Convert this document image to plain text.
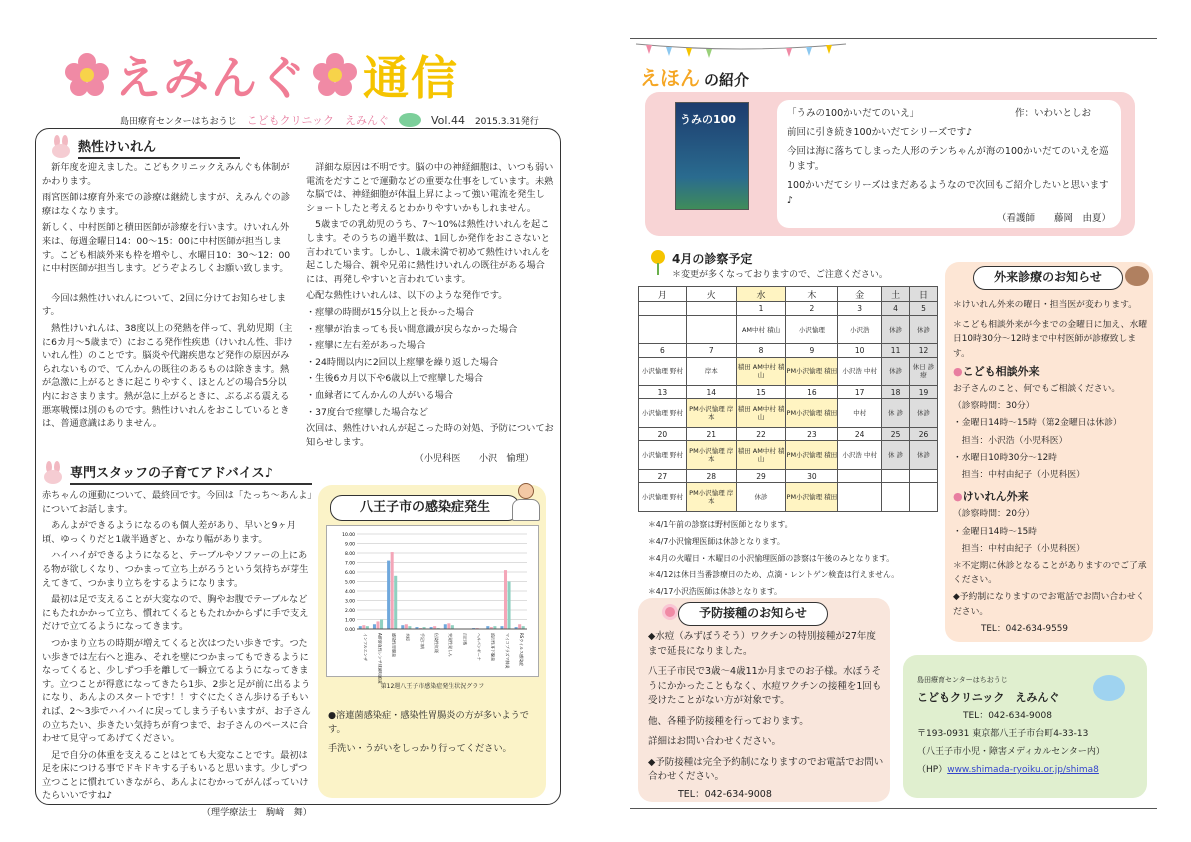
えみんぐ 通信
島田療育センターはちおうじ こどもクリニック　えみんぐ	Vol.44 2015.3.31発行
熱性けいれん

　新年度を迎えました。こどもクリニックえみんぐも体制がかわります。

雨宮医師は療育外来での診療は継続しますが、えみんぐの診療はなくなります。

新しく、中村医師と積田医師が診療を行います。けいれん外来は、毎週金曜日14：00～15：00に中村医師が担当します。こども相談外来も枠を増やし、水曜日10：30～12：00に中村医師が担当します。どうぞよろしくお願い致します。

　今回は熱性けいれんについて、2回に分けてお知らせします。

　熱性けいれんは、38度以上の発熱を伴って、乳幼児期（主に6カ月～5歳まで）におこる発作性疾患（けいれん性、非けいれん性）のことです。脳炎や代謝疾患など発作の原因がみられないもので、てんかんの既往のあるものは除きます。熱が急激に上がるときに起こりやすく、ほとんどの場合5分以内におさまります。熱が急に上がるときに、ぶるぶる震える悪寒戦慄は別のものです。熱性けいれんをおこしているときは、普通意識はありません。

　詳細な原因は不明です。脳の中の神経細胞は、いつも弱い電流をだすことで運動などの重要な仕事をしています。未熟な脳では、神経細胞が体温上昇によって強い電流を発生しショートしたと考えるとわかりやすいかもしれません。

　5歳までの乳幼児のうち、7～10%は熱性けいれんを起こします。そのうちの過半数は、1回しか発作をおこさないと言われています。しかし、1歳未満で初めて熱性けいれんを起こした場合、親や兄弟に熱性けいれんの既往がある場合には、再発しやすいと言われています。

心配な熱性けいれんは、以下のような発作です。

・痙攣の時間が15分以上と長かった場合

・痙攣が治まっても長い間意識が戻らなかった場合

・痙攣に左右差があった場合

・24時間以内に2回以上痙攣を繰り返した場合

・生後6カ月以下や6歳以上で痙攣した場合

・血縁者にてんかんの人がいる場合

・37度台で痙攣した場合など

次回は、熱性けいれんが起こった時の対処、予防についてお知らせします。

（小児科医　　小沢　愉理）

専門スタッフの子育てアドバイス♪

赤ちゃんの運動について、最終回です。今回は「たっち～あんよ」についてお話します。

　あんよができるようになるのも個人差があり、早いと9ヶ月頃、ゆっくりだと1歳半過ぎと、かなり幅があります。

　ハイハイができるようになると、テーブルやソファーの上にある物が欲しくなり、つかまって立ち上がろうという気持ちが芽生えてきて、つかまり立ちをするようになります。

　最初は足で支えることが大変なので、胸やお腹でテーブルなどにもたれかかって立ち、慣れてくるともたれかからずに手で支えだけで立てるようになってきます。

　つかまり立ちの時期が増えてくると次はつたい歩きです。つたい歩きでは左右へと進み、それを壁につかまってもできるようになってくると、少しずつ手を離して一瞬立てるようになってきます。立つことが得意になってきたら1歩、2歩と足が前に出るようになり、あんよのスタートです！！すぐにたくさん歩ける子もいれば、2～3歩でハイハイに戻ってしまう子もいますが、お子さんの立ちたい、歩きたい気持ちが育つまで、お子さんのペースに合わせて見守ってあげてください。

　足で自分の体重を支えることはとても大変なことです。最初は足を床につける事でドキドキする子もいると思います。少しずつ立つことに慣れていきながら、あんよにむかってがんばっていけたらいいですね♪

（理学療法士　駒﨑　舞）

八王子市の感染症発生
0.00
1.00
2.00
3.00
4.00
5.00
6.00
7.00
8.00
9.00
10.00
インフルエンザ A群溶血性レンサ球菌咽頭炎 感染性胃腸炎 水痘 手足口病 伝染性紅斑 突発性発しん 百日咳 ヘルパンギーナ 流行性耳下腺炎 マイコプラズマ肺炎 RSウイルス感染症
第12週八王子市感染症発生状況グラフ

●溶連菌感染症・感染性胃腸炎の方が多いようです。

手洗い・うがいをしっかり行ってください。

えほん の紹介
うみの100	「うみの100かいだてのいえ」	作：いわいとしお

前回に引き続き100かいだてシリーズです♪

今回は海に落ちてしまった人形のテンちゃんが海の100かいだてのいえを巡ります。

100かいだてシリーズはまだあるようなので次回もご紹介したいと思います♪

（看護師　　藤岡　由夏）

4月の診察予定
＊変更が多くなっておりますので、ご注意ください。
月	火	水	木	金	土	日
		1	2	3	4	5
		AM中村 積山	小沢愉理	小沢浩	休診	休診
6	7	8	9	10	11	12
小沢愉理 野村	岸本	積田 AM中村 積山	PM小沢愉理 積田	小沢浩 中村	休診	休日 診療
13	14	15	16	17	18	19
小沢愉理 野村	PM小沢愉理 岸本	積田 AM中村 積山	PM小沢愉理 積田	中村	休 診	休診
20	21	22	23	24	25	26
小沢愉理 野村	PM小沢愉理 岸本	積田 AM中村 積山	PM小沢愉理 積田	小沢浩 中村	休 診	休診
27	28	29	30			
小沢愉理 野村	PM小沢愉理 岸本	休診	PM小沢愉理 積田			

＊4/1午前の診察は野村医師となります。

＊4/7小沢愉理医師は休診となります。

＊4月の火曜日・木曜日の小沢愉理医師の診察は午後のみとなります。

＊4/12は休日当番診療日のため、点滴・レントゲン検査は行えません。

＊4/17小沢浩医師は休診となります。

予防接種のお知らせ

◆水痘（みずぼうそう）ワクチンの特別接種が27年度まで延長になりました。

八王子市民で3歳～4歳11か月までのお子様。水ぼうそうにかかったこともなく、水痘ワクチンの接種を1回も受けたことがない方が対象です。

他、各種予防接種を行っております。

詳細はお問い合わせください。

◆予防接種は完全予約制になりますのでお電話でお問い合わせください。

TEL：042-634-9008

外来診療のお知らせ

＊けいれん外来の曜日・担当医が変わります。

＊こども相談外来が今までの金曜日に加え、水曜日10時30分～12時まで中村医師が診療致します。

●こども相談外来

お子さんのこと、何でもご相談ください。

（診察時間：30分）

・金曜日14時～15時（第2金曜日は休診）

　担当：小沢浩（小児科医）

・水曜日10時30分～12時

　担当：中村由紀子（小児科医）

●けいれん外来

（診察時間：20分）

・金曜日14時～15時

　担当：中村由紀子（小児科医）

＊不定期に休診となることがありますのでご了承ください。

◆予約制になりますのでお電話でお問い合わせください。

TEL：042-634-9559

島田療育センターはちおうじ
こどもクリニック　えみんぐ

TEL：042-634-9008

〒193-0931 東京都八王子市台町4-33-13

（八王子市小児・障害メディカルセンター内）

（HP）www.shimada-ryoiku.or.jp/shima8
